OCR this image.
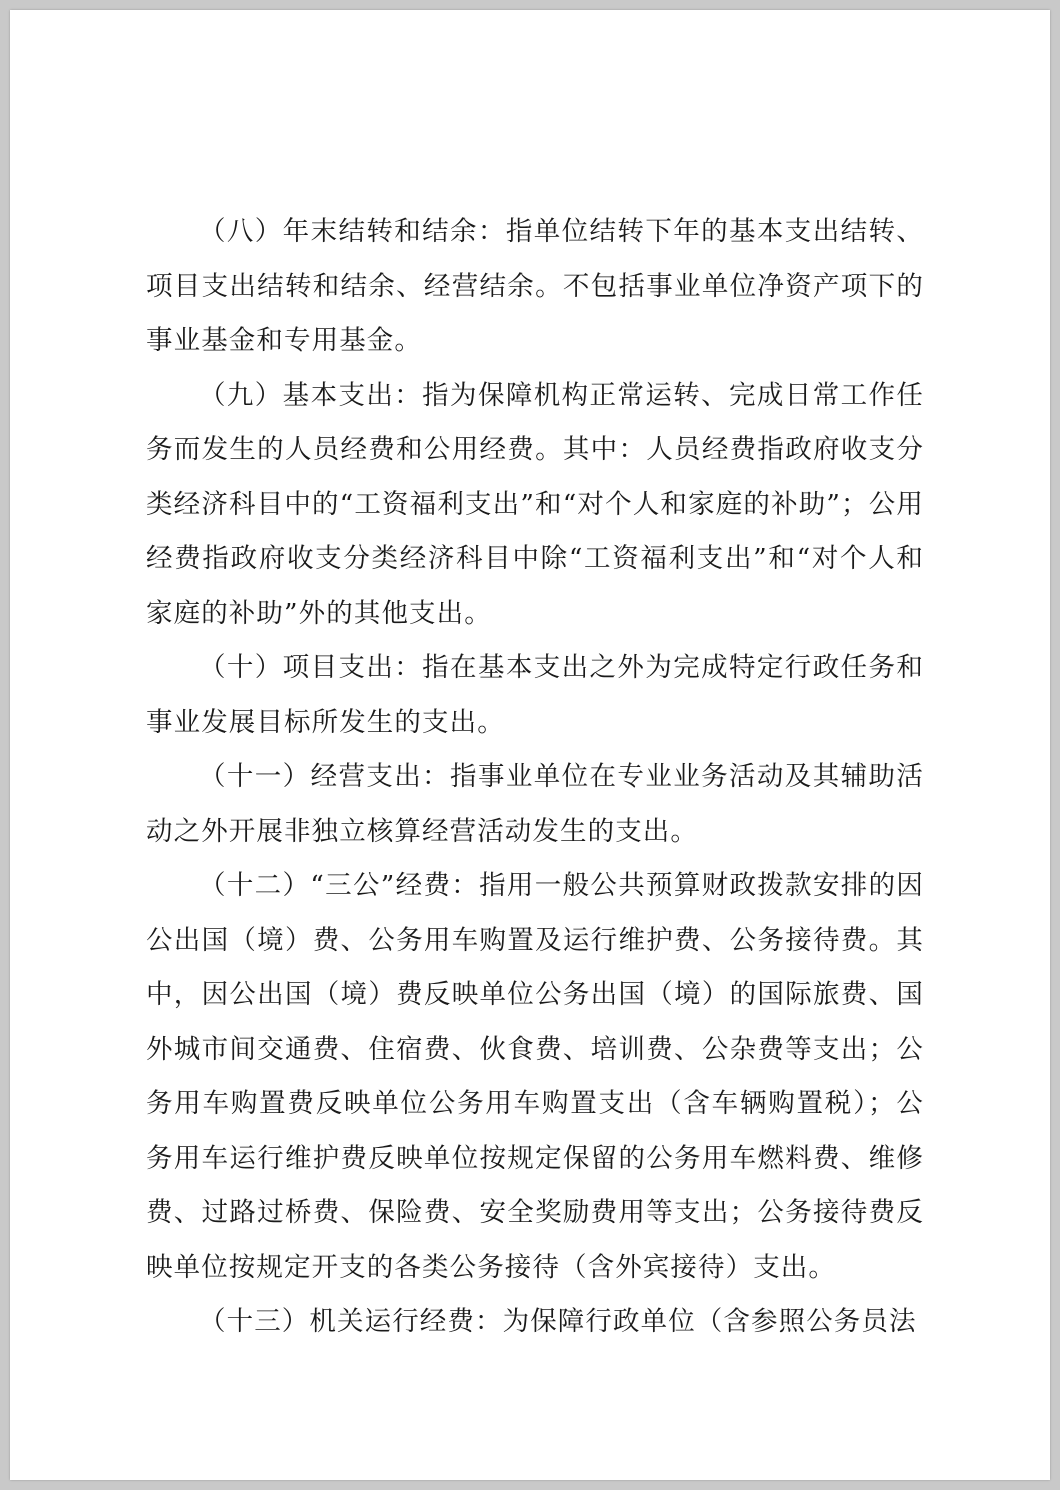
（八）年末结转和结余：指单位结转下年的基本支出结转、项目支出结转和结余、经营结余。不包括事业单位净资产项下的事业基金和专用基金。

（九）基本支出：指为保障机构正常运转、完成日常工作任务而发生的人员经费和公用经费。其中：人员经费指政府收支分类经济科目中的“工资福利支出”和“对个人和家庭的补助”；公用经费指政府收支分类经济科目中除“工资福利支出”和“对个人和家庭的补助”外的其他支出。

（十）项目支出：指在基本支出之外为完成特定行政任务和事业发展目标所发生的支出。

（十一）经营支出：指事业单位在专业业务活动及其辅助活动之外开展非独立核算经营活动发生的支出。

（十二）“三公”经费：指用一般公共预算财政拨款安排的因公出国（境）费、公务用车购置及运行维护费、公务接待费。其中，因公出国（境）费反映单位公务出国（境）的国际旅费、国外城市间交通费、住宿费、伙食费、培训费、公杂费等支出；公务用车购置费反映单位公务用车购置支出（含车辆购置税）；公务用车运行维护费反映单位按规定保留的公务用车燃料费、维修费、过路过桥费、保险费、安全奖励费用等支出；公务接待费反映单位按规定开支的各类公务接待（含外宾接待）支出。

（十三）机关运行经费：为保障行政单位（含参照公务员法
